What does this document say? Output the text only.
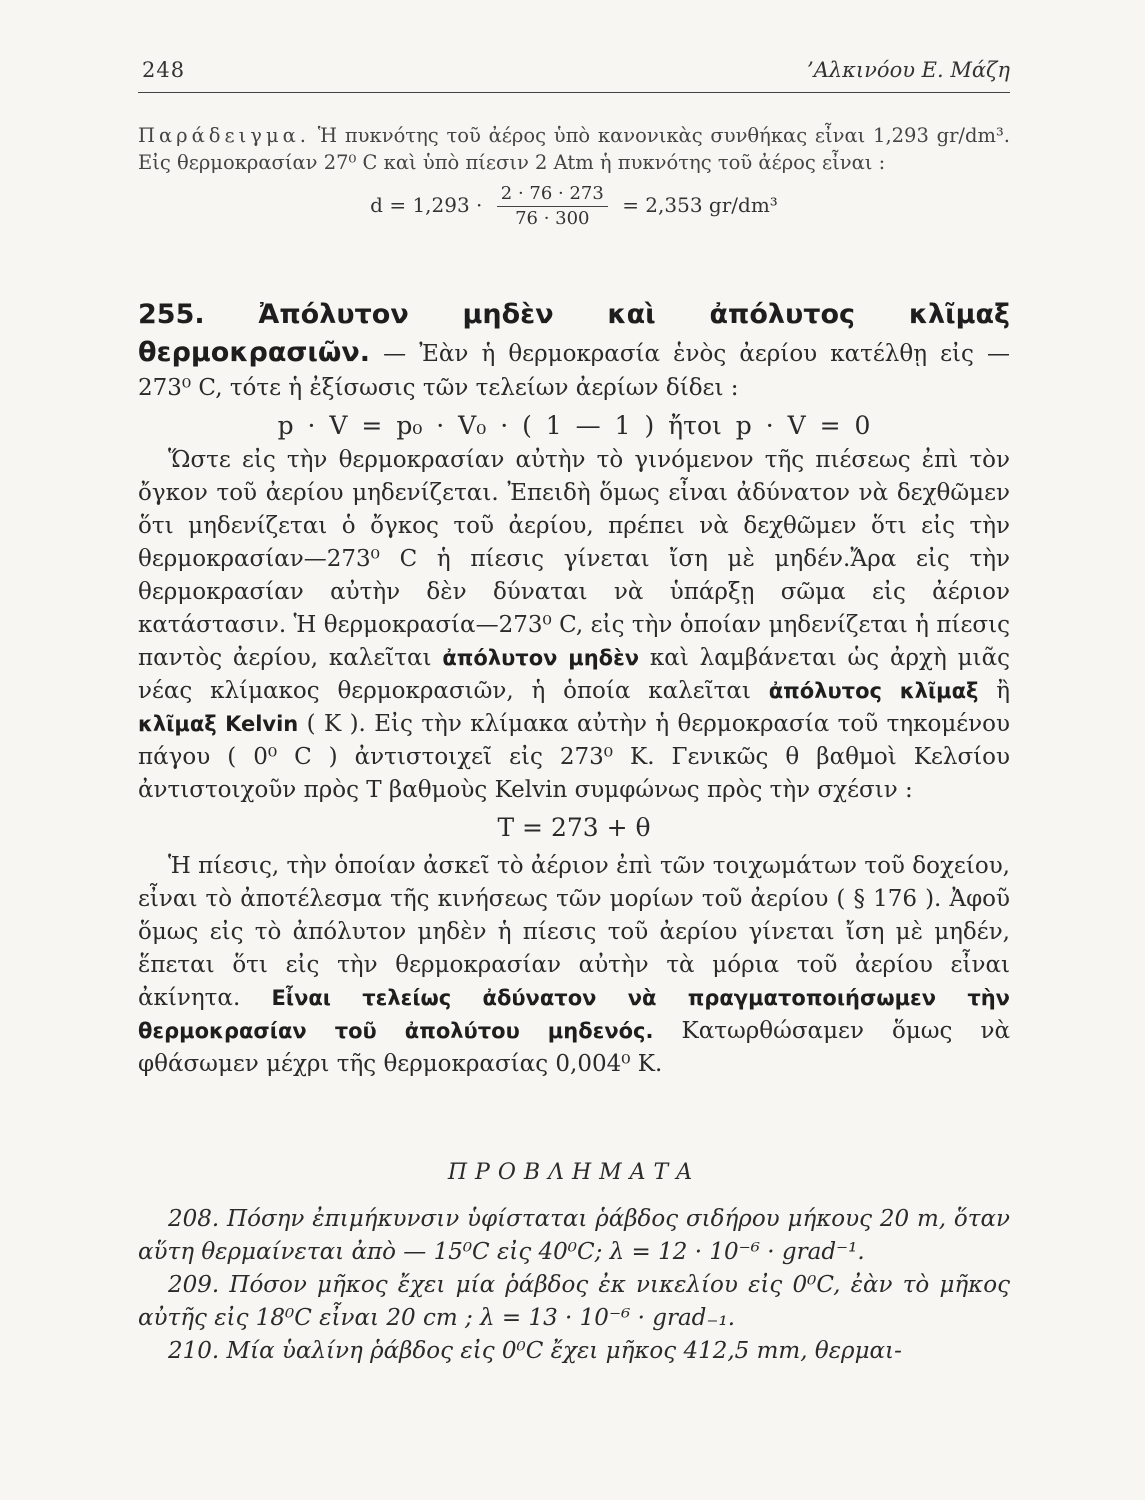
248	’Αλκινόου Ε. Μάζη

Παράδειγμα. Ἡ πυκνότης τοῦ ἀέρος ὑπὸ κανονικὰς συνθήκας εἶναι 1,293 gr/dm³. Εἰς θερμοκρασίαν 27⁰ C καὶ ὑπὸ πίεσιν 2 Atm ἡ πυκνότης τοῦ ἀέρος εἶναι :

$d = 1,293 \cdot \frac{2 \cdot 76 \cdot 273}{76 \cdot 300} = 2,353$ gr/dm³

255. Ἀπόλυτον μηδὲν καὶ ἀπόλυτος κλῖμαξ θερμοκρασιῶν. — Ἐὰν ἡ θερμοκρασία ἑνὸς ἀερίου κατέλθῃ εἰς — 273⁰ C, τότε ἡ ἐξίσωσις τῶν τελείων ἀερίων δίδει :

p · V = p₀ · V₀ · ( 1 — 1 ) ἤτοι p · V = 0

Ὥστε εἰς τὴν θερμοκρασίαν αὐτὴν τὸ γινόμενον τῆς πιέσεως ἐπὶ τὸν ὄγκον τοῦ ἀερίου μηδενίζεται. Ἐπειδὴ ὅμως εἶναι ἀδύνατον νὰ δεχθῶμεν ὅτι μηδενίζεται ὁ ὄγκος τοῦ ἀερίου, πρέπει νὰ δεχθῶμεν ὅτι εἰς τὴν θερμοκρασίαν—273⁰ C ἡ πίεσις γίνεται ἴση μὲ μηδέν.Ἄρα εἰς τὴν θερμοκρασίαν αὐτὴν δὲν δύναται νὰ ὑπάρξῃ σῶμα εἰς ἀέριον κατάστασιν. Ἡ θερμοκρασία—273⁰ C, εἰς τὴν ὁποίαν μηδενίζεται ἡ πίεσις παντὸς ἀερίου, καλεῖται ἀπόλυτον μηδὲν καὶ λαμβάνεται ὡς ἀρχὴ μιᾶς νέας κλίμακος θερμοκρασιῶν, ἡ ὁποία καλεῖται ἀπόλυτος κλῖμαξ ἢ κλῖμαξ Kelvin ( K ). Εἰς τὴν κλίμακα αὐτὴν ἡ θερμοκρασία τοῦ τηκομένου πάγου ( 0⁰ C ) ἀντιστοιχεῖ εἰς 273⁰ K. Γενικῶς θ βαθμοὶ Κελσίου ἀντιστοιχοῦν πρὸς T βαθμοὺς Kelvin συμφώνως πρὸς τὴν σχέσιν :

T = 273 + θ

Ἡ πίεσις, τὴν ὁποίαν ἀσκεῖ τὸ ἀέριον ἐπὶ τῶν τοιχωμάτων τοῦ δοχείου, εἶναι τὸ ἀποτέλεσμα τῆς κινήσεως τῶν μορίων τοῦ ἀερίου ( § 176 ). Ἀφοῦ ὅμως εἰς τὸ ἀπόλυτον μηδὲν ἡ πίεσις τοῦ ἀερίου γίνεται ἴση μὲ μηδέν, ἕπεται ὅτι εἰς τὴν θερμοκρασίαν αὐτὴν τὰ μόρια τοῦ ἀερίου εἶναι ἀκίνητα. Εἶναι τελείως ἀδύνατον νὰ πραγματοποιήσωμεν τὴν θερμοκρασίαν τοῦ ἀπολύτου μηδενός. Κατωρθώσαμεν ὅμως νὰ φθάσωμεν μέχρι τῆς θερμοκρασίας 0,004⁰ K.

ΠΡΟΒΛΗΜΑΤΑ

208. Πόσην ἐπιμήκυνσιν ὑφίσταται ῥάβδος σιδήρου μήκους 20 m, ὅταν αὕτη θερμαίνεται ἀπὸ — 15⁰C εἰς 40⁰C; λ = 12 · 10⁻⁶ · grad⁻¹.

209. Πόσον μῆκος ἔχει μία ῥάβδος ἐκ νικελίου εἰς 0⁰C, ἐὰν τὸ μῆκος αὐτῆς εἰς 18⁰C εἶναι 20 cm ; λ = 13 · 10⁻⁶ · grad₋₁.

210. Μία ὑαλίνη ῥάβδος εἰς 0⁰C ἔχει μῆκος 412,5 mm, θερμαι-
